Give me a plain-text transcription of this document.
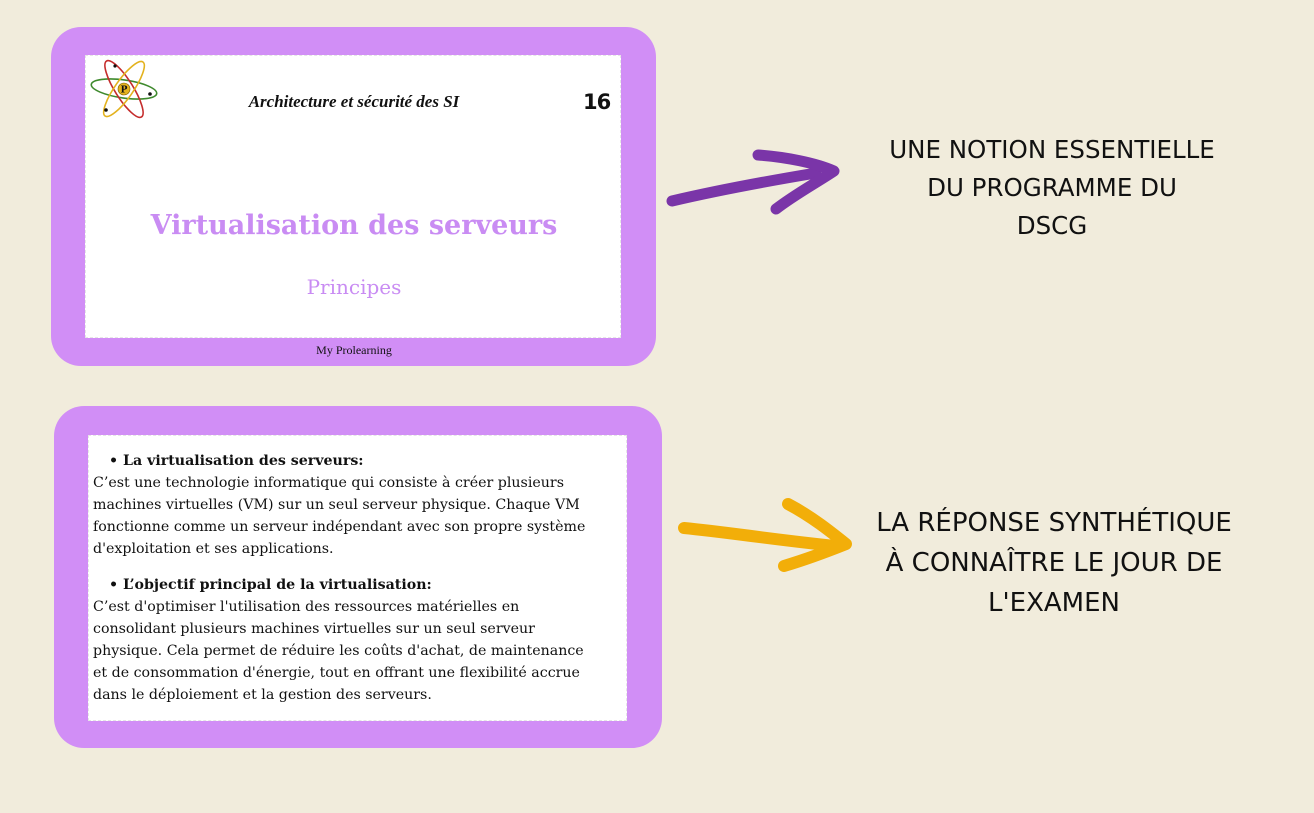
P
Architecture et sécurité des SI	16
Virtualisation des serveurs
Principes
My Prolearning

• La virtualisation des serveurs:

C’est une technologie informatique qui consiste à créer plusieurs

machines virtuelles (VM) sur un seul serveur physique. Chaque VM

fonctionne comme un serveur indépendant avec son propre système

d'exploitation et ses applications.

• L’objectif principal de la virtualisation:

C’est d'optimiser l'utilisation des ressources matérielles en

consolidant plusieurs machines virtuelles sur un seul serveur

physique. Cela permet de réduire les coûts d'achat, de maintenance

et de consommation d'énergie, tout en offrant une flexibilité accrue

dans le déploiement et la gestion des serveurs.

UNE NOTION ESSENTIELLE
DU PROGRAMME DU
DSCG
LA RÉPONSE SYNTHÉTIQUE
À CONNAÎTRE LE JOUR DE
L'EXAMEN
